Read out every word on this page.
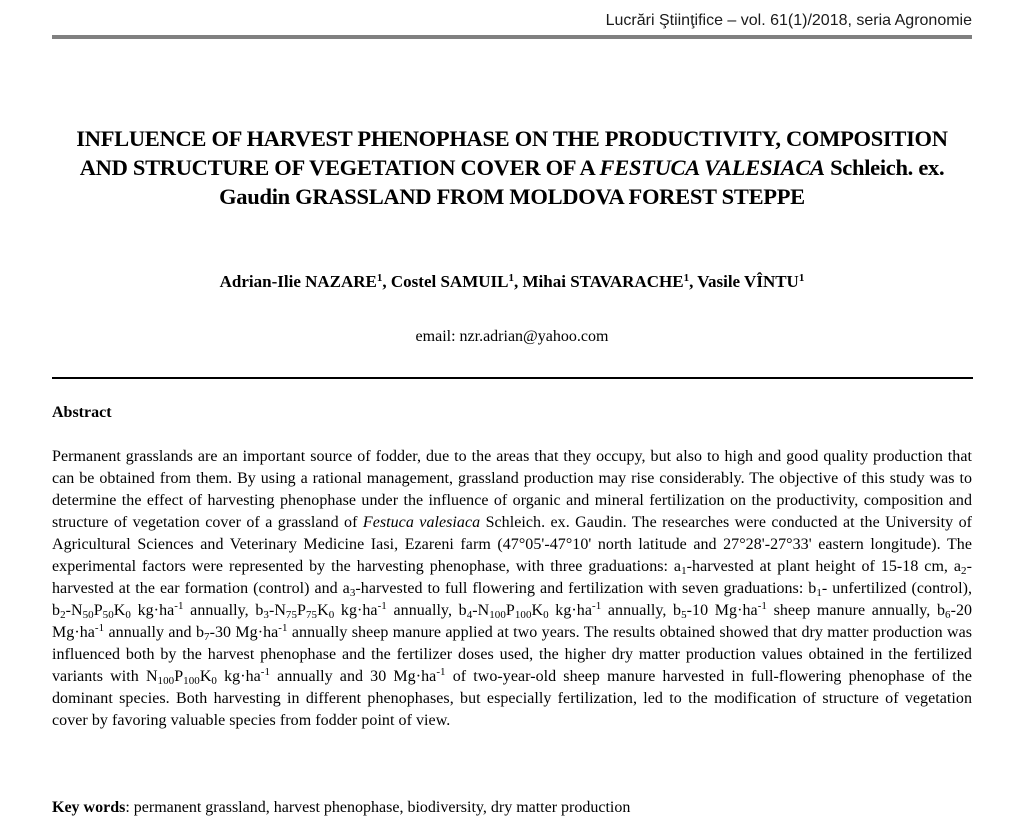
Lucrări Ştiinţifice – vol. 61(1)/2018, seria Agronomie
INFLUENCE OF HARVEST PHENOPHASE ON THE PRODUCTIVITY, COMPOSITION AND STRUCTURE OF VEGETATION COVER OF A FESTUCA VALESIACA Schleich. ex. Gaudin GRASSLAND FROM MOLDOVA FOREST STEPPE
Adrian-Ilie NAZARE$^1$, Costel SAMUIL$^1$, Mihai STAVARACHE$^1$, Vasile VÎNTU$^1$
email: nzr.adrian@yahoo.com
Abstract

Permanent grasslands are an important source of fodder, due to the areas that they occupy, but also to high and good quality production that can be obtained from them. By using a rational management, grassland production may rise considerably. The objective of this study was to determine the effect of harvesting phenophase under the influence of organic and mineral fertilization on the productivity, composition and structure of vegetation cover of a grassland of Festuca valesiaca Schleich. ex. Gaudin. The researches were conducted at the University of Agricultural Sciences and Veterinary Medicine Iasi, Ezareni farm (47°05'-47°10' north latitude and 27°28'-27°33' eastern longitude). The experimental factors were represented by the harvesting phenophase, with three graduations: $a_1$-harvested at plant height of 15-18 cm, $a_2$-harvested at the ear formation (control) and $a_3$-harvested to full flowering and fertilization with seven graduations: $b_1-$ unfertilized (control), $b_2-N_{50}P_{50}K_0$ $kg\cdot ha^{-1}$ annually, $b_3-N_{75}P_{75}K_0$ $kg\cdot ha^{-1}$ annually, $b_4-N_{100}P_{100}K_0$ $kg\cdot ha^{-1}$ annually, $b_5-10$ $Mg\cdot ha^{-1}$ sheep manure annually, $b_6-20$ $Mg\cdot ha^{-1}$ annually and $b_7-30$ $Mg\cdot ha^{-1}$ annually sheep manure applied at two years. The results obtained showed that dry matter production was influenced both by the harvest phenophase and the fertilizer doses used, the higher dry matter production values obtained in the fertilized variants with $N_{100}P_{100}K_0$ $kg\cdot ha^{-1}$ annually and 30 $Mg\cdot ha^{-1}$ of two-year-old sheep manure harvested in full-flowering phenophase of the dominant species. Both harvesting in different phenophases, but especially fertilization, led to the modification of structure of vegetation cover by favoring valuable species from fodder point of view.

Key words: permanent grassland, harvest phenophase, biodiversity, dry matter production
